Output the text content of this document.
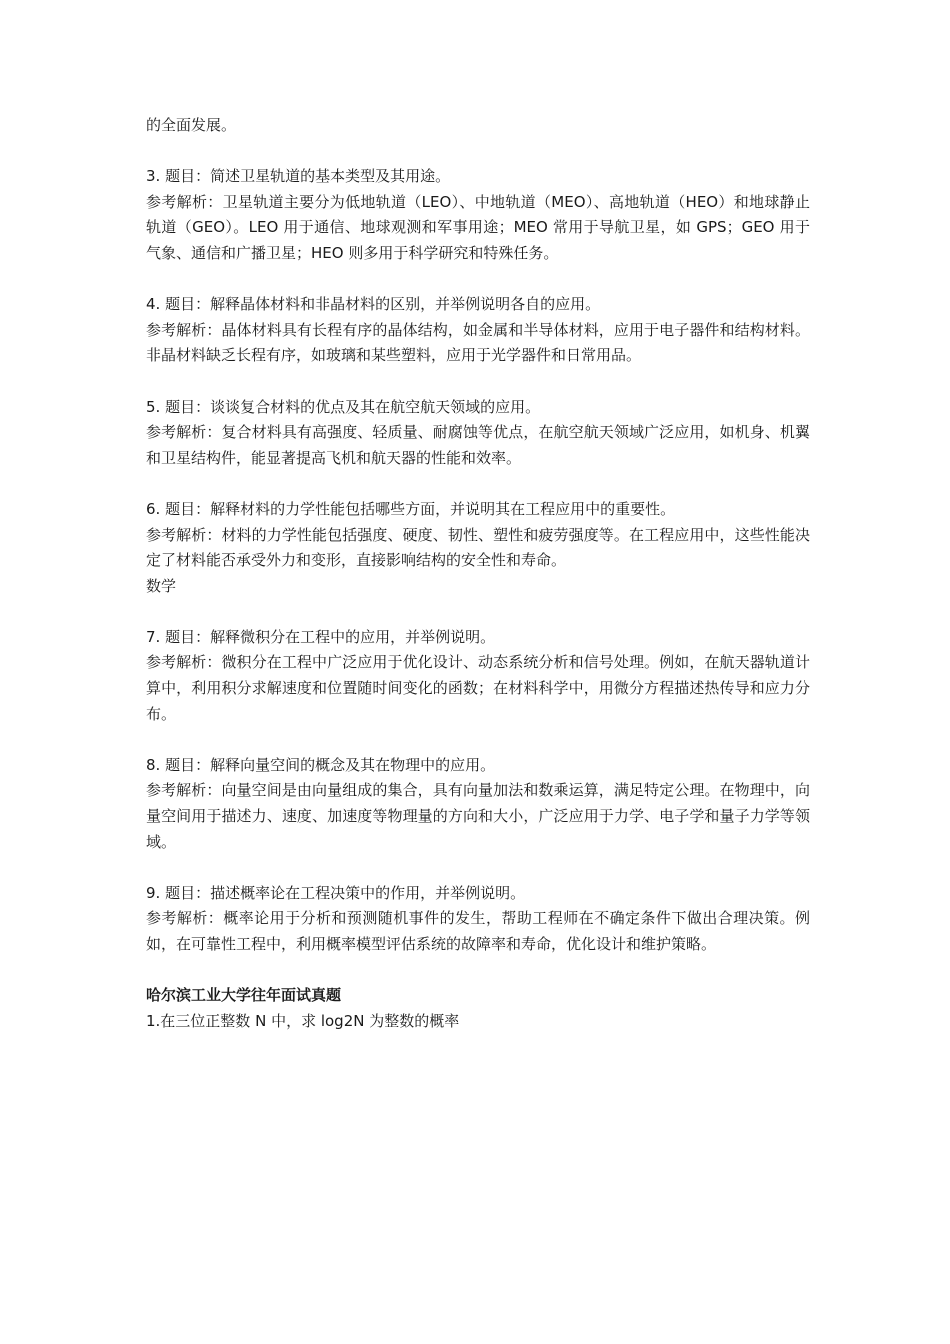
的全面发展。

3. 题目：简述卫星轨道的基本类型及其用途。

参考解析：卫星轨道主要分为低地轨道（LEO）、中地轨道（MEO）、高地轨道（HEO）和地球静止轨道（GEO）。LEO 用于通信、地球观测和军事用途；MEO 常用于导航卫星，如 GPS；GEO 用于气象、通信和广播卫星；HEO 则多用于科学研究和特殊任务。

4. 题目：解释晶体材料和非晶材料的区别，并举例说明各自的应用。

参考解析：晶体材料具有长程有序的晶体结构，如金属和半导体材料，应用于电子器件和结构材料。非晶材料缺乏长程有序，如玻璃和某些塑料，应用于光学器件和日常用品。

5. 题目：谈谈复合材料的优点及其在航空航天领域的应用。

参考解析：复合材料具有高强度、轻质量、耐腐蚀等优点，在航空航天领域广泛应用，如机身、机翼和卫星结构件，能显著提高飞机和航天器的性能和效率。

6. 题目：解释材料的力学性能包括哪些方面，并说明其在工程应用中的重要性。

参考解析：材料的力学性能包括强度、硬度、韧性、塑性和疲劳强度等。在工程应用中，这些性能决定了材料能否承受外力和变形，直接影响结构的安全性和寿命。

数学

7. 题目：解释微积分在工程中的应用，并举例说明。

参考解析：微积分在工程中广泛应用于优化设计、动态系统分析和信号处理。例如，在航天器轨道计算中，利用积分求解速度和位置随时间变化的函数；在材料科学中，用微分方程描述热传导和应力分布。

8. 题目：解释向量空间的概念及其在物理中的应用。

参考解析：向量空间是由向量组成的集合，具有向量加法和数乘运算，满足特定公理。在物理中，向量空间用于描述力、速度、加速度等物理量的方向和大小，广泛应用于力学、电子学和量子力学等领域。

9. 题目：描述概率论在工程决策中的作用，并举例说明。

参考解析：概率论用于分析和预测随机事件的发生，帮助工程师在不确定条件下做出合理决策。例如，在可靠性工程中，利用概率模型评估系统的故障率和寿命，优化设计和维护策略。

哈尔滨工业大学往年面试真题

1.在三位正整数 N 中，求 log2N 为整数的概率
